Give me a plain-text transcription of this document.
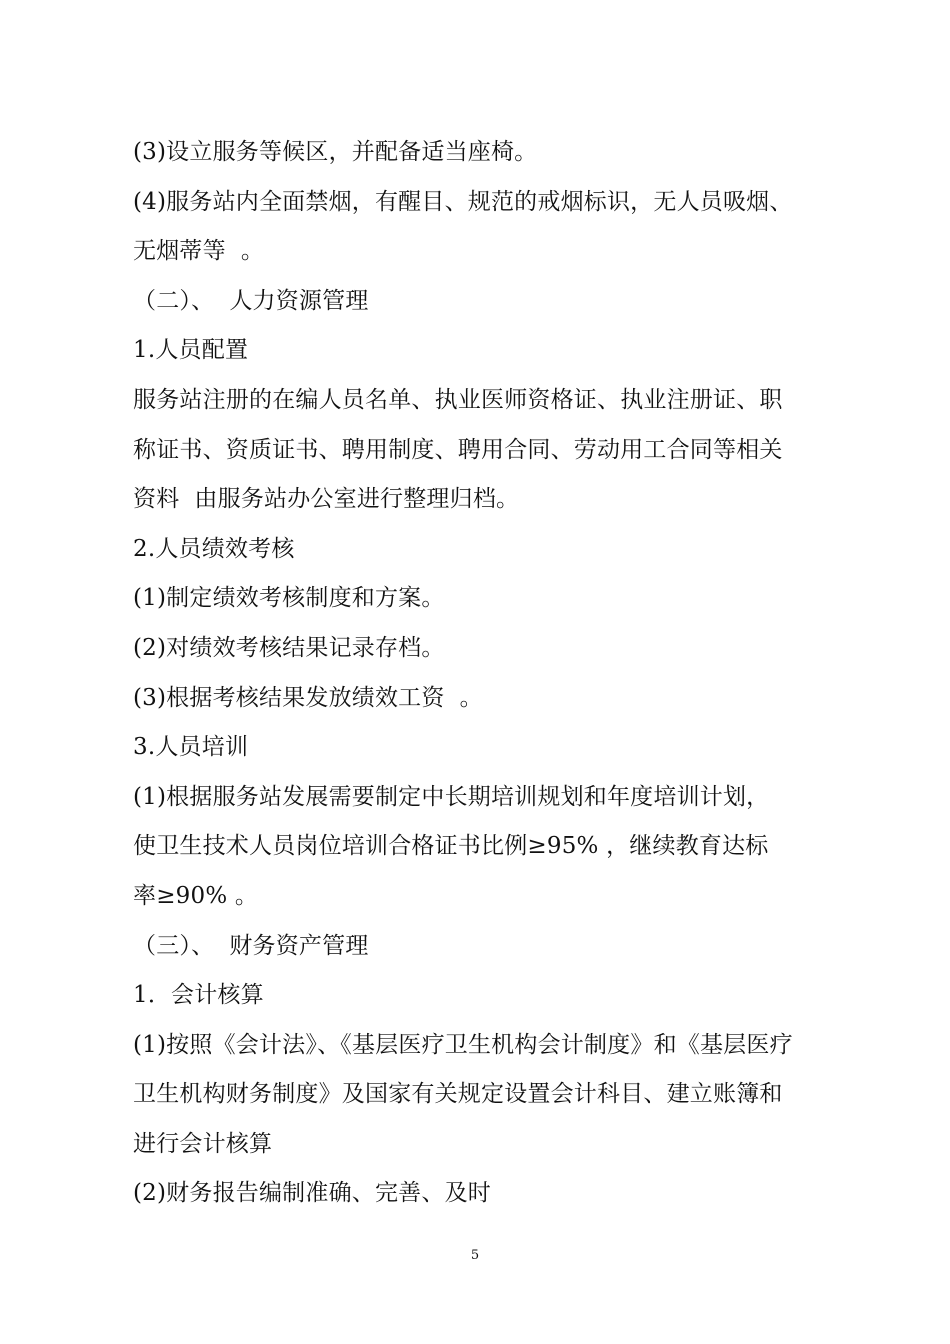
(3)设立服务等候区，并配备适当座椅。
(4)服务站内全面禁烟，有醒目、规范的戒烟标识，无人员吸烟、
无烟蒂等  。
（二）、  人力资源管理
1.人员配置
服务站注册的在编人员名单、执业医师资格证、执业注册证、职
称证书、资质证书、聘用制度、聘用合同、劳动用工合同等相关
资料  由服务站办公室进行整理归档。
2.人员绩效考核
(1)制定绩效考核制度和方案。
(2)对绩效考核结果记录存档。
(3)根据考核结果发放绩效工资  。
3.人员培训
(1)根据服务站发展需要制定中长期培训规划和年度培训计划，
使卫生技术人员岗位培训合格证书比例≥95% ，继续教育达标
率≥90% 。
（三）、  财务资产管理
1．会计核算
(1)按照《会计法》、《基层医疗卫生机构会计制度》和《基层医疗
卫生机构财务制度》及国家有关规定设置会计科目、建立账簿和
进行会计核算
(2)财务报告编制准确、完善、及时
5
